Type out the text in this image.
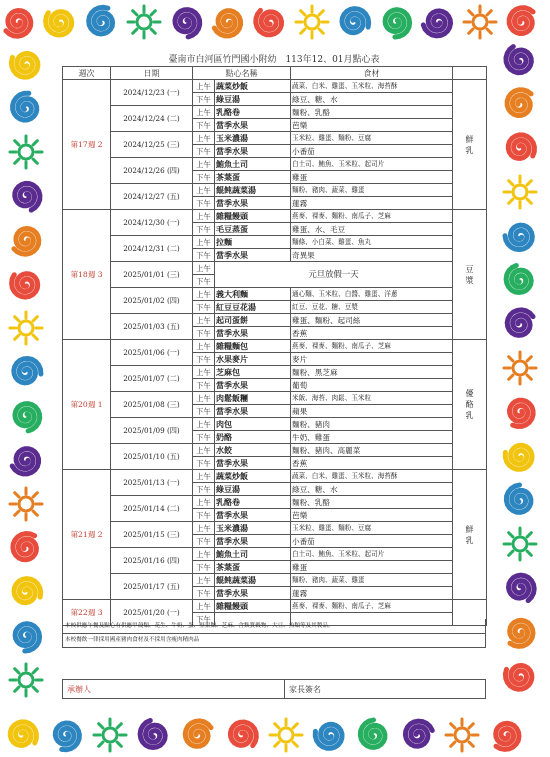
臺南市白河區竹門國小附幼　113年12、01月點心表
週次	日期	點心名稱		食材	
第17週 2	2024/12/23 (一)	上午	蔬菜炒飯	蔬菜、白米、雞蛋、玉米粒、海苔酥	鮮
乳
		下午	綠豆湯	綠豆、糖、水	
	2024/12/24 (二)	上午	乳酪卷	麵粉、乳酪	
		下午	當季水果	芭樂	
	2024/12/25 (三)	上午	玉米濃湯	玉米粒、雞蛋、麵粉、豆腐	
		下午	當季水果	小番茄	
	2024/12/26 (四)	上午	鮪魚土司	白土司、鮪魚、玉米粒、起司片	
		下午	茶葉蛋	雞蛋	
	2024/12/27 (五)	上午	餛飩蔬菜湯	麵粉、豬肉、蔬菜、雞蛋	
		下午	當季水果	蓮霧	
第18週 3	2024/12/30 (一)	上午	雜糧饅頭	燕麥、裸麥、麵粉、南瓜子、芝麻	豆
漿
		下午	毛豆蒸蛋	雞蛋、水、毛豆	
	2024/12/31 (二)	上午	拉麵	麵條、小白菜、雞蛋、魚丸	
		下午	當季水果	奇異果	
	2025/01/01 (三)	上午	元旦放假一天		
		下午			
	2025/01/02 (四)	上午	義大利麵	通心麵、玉米粒、白醬、雞蛋、洋蔥	
		下午	紅豆豆花湯	紅豆、豆花、糖、豆漿	
	2025/01/03 (五)	上午	起司蛋餅	雞蛋、麵粉、起司絲	
		下午	當季水果	香蕉	
第20週 1	2025/01/06 (一)	上午	雜糧麵包	燕麥、裸麥、麵粉、南瓜子、芝麻	優
酪
乳
		下午	水果麥片	麥片	
	2025/01/07 (二)	上午	芝麻包	麵粉、黑芝麻	
		下午	當季水果	葡萄	
	2025/01/08 (三)	上午	肉鬆飯糰	米飯、海苔、肉鬆、玉米粒	
		下午	當季水果	蘋果	
	2025/01/09 (四)	上午	肉包	麵粉、豬肉	
		下午	奶酪	牛奶、雞蛋	
	2025/01/10 (五)	上午	水餃	麵粉、豬肉、高麗菜	
		下午	當季水果	香蕉	
第21週 2	2025/01/13 (一)	上午	蔬菜炒飯	蔬菜、白米、雞蛋、玉米粒、海苔酥	鮮
乳
		下午	綠豆湯	綠豆、糖、水	
	2025/01/14 (二)	上午	乳酪卷	麵粉、乳酪	
		下午	當季水果	芭樂	
	2025/01/15 (三)	上午	玉米濃湯	玉米粒、雞蛋、麵粉、豆腐	
		下午	當季水果	小番茄	
	2025/01/16 (四)	上午	鮪魚土司	白土司、鮪魚、玉米粒、起司片	
		下午	茶葉蛋	雞蛋	
	2025/01/17 (五)	上午	餛飩蔬菜湯	麵粉、豬肉、蔬菜、雞蛋	
		下午	當季水果	蓮霧	
第22週 3	2025/01/20 (一)	上午	雜糧饅頭	燕麥、裸麥、麵粉、南瓜子、芝麻	
		下午			
本校供應午餐及點心有供應甲殼類、花生、牛奶、蛋、堅果類、芝麻、含麩質穀物、大豆、魚類等及其製品。
本校餐飲一律採用國產豬肉食材及不採用含瘦肉精肉品
承辦人	家長簽名
